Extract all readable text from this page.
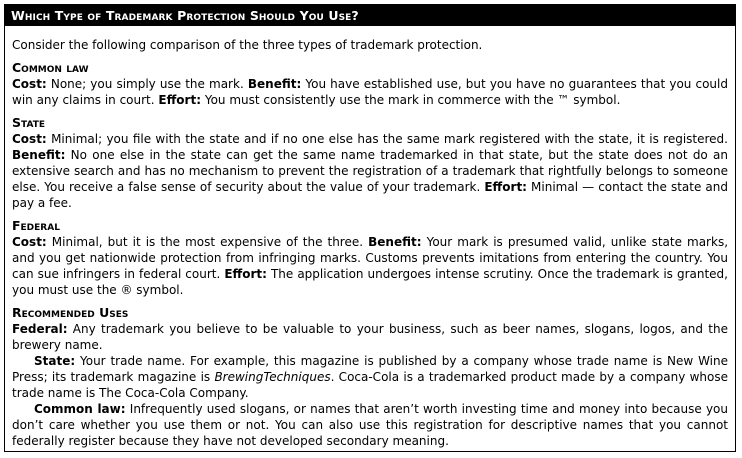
Which Type of Trademark Protection Should You Use?

Consider the following comparison of the three types of trademark protection.

Common law

Cost: None; you simply use the mark. Benefit: You have established use, but you have no guarantees that you could win any claims in court. Effort: You must consistently use the mark in commerce with the ™ symbol.

State

Cost: Minimal; you file with the state and if no one else has the same mark registered with the state, it is registered. Benefit: No one else in the state can get the same name trademarked in that state, but the state does not do an extensive search and has no mechanism to prevent the registration of a trademark that rightfully belongs to someone else. You receive a false sense of security about the value of your trademark. Effort: Minimal — contact the state and pay a fee.

Federal

Cost: Minimal, but it is the most expensive of the three. Benefit: Your mark is presumed valid, unlike state marks, and you get nationwide protection from infringing marks. Customs prevents imitations from entering the country. You can sue infringers in federal court. Effort: The application undergoes intense scrutiny. Once the trademark is granted, you must use the ® symbol.

Recommended Uses

Federal: Any trademark you believe to be valuable to your business, such as beer names, slogans, logos, and the brewery name.

State: Your trade name. For example, this magazine is published by a company whose trade name is New Wine Press; its trademark magazine is BrewingTechniques. Coca-Cola is a trademarked product made by a company whose trade name is The Coca-Cola Company.

Common law: Infrequently used slogans, or names that aren’t worth investing time and money into because you don’t care whether you use them or not. You can also use this registration for descriptive names that you cannot federally register because they have not developed secondary meaning.
